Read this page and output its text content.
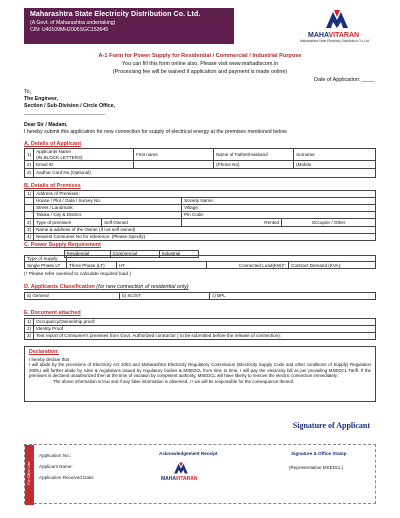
Maharashtra State Electricity Distribution Co. Ltd.
(A Govt. of Maharashtra undertaking)
CIN: U40109MH2005SGC153645
MAHAVITARAN
Maharashtra State Electricity Distribution Co. Ltd.
A-1 Form for Power Supply for Residential / Commercial / Industrial Purpose
You can fill this form online also. Please visit www.mahadiscom.in
(Processing fee will be waived if application and payment is made online)
Date of Application: ____
To,
The Engineer,
Section / Sub-Division / Circle Office,
____________________________
Dear Sir / Madam,
I hereby submit this application for new connection for supply of electrical energy at the premises mentioned below
A. Details of Applicant
1)	Applicants Name
(IN BLOCK LETTERS)	First name	Name of Father/Husband	Surname
2)	Email ID		(Phone No)	(Mobile
3)	Aadhar Card No.(Optional)			
B. Details of Premises
1)	Address of Premises:			
	House / Plot / Gala / Survey No.		Society Name:	
	Street / Landmark:		Village:	
	Taluka / City & District:		Pin Code:	
2)	Type of premises	Self Owned	Rented	Occupier / Other
3)	Name & address of the Owner (if not self owned)			
4)	Nearest Consumer No for reference: (Please Specify)			
C. Power Supply Requirement
	Residential	Commercial	Industrial
Type of Supply				
Single Phase LT	Three Phase (LT)	HT	Connected Load(KW)*:	Contract Demand (KVA):
(* Please refer overleaf to calculate required load.)
D. Applicants Classification (for new connection of residential only)
a) General	b) SC/ST	c) BPL
E. Document attached
1)	Occupancy/Ownership proof:
2)	Identity Proof
3)	Test report of Consumer's premises from Govt. Authorized contractor ( to be submitted before the release of connection):
Declaration:
I hereby declare that

I will abide by the provisions of Electricity Act 2003 and Maharashtra Electricity Regulatory Commission (Electricity Supply Code and other conditions of Supply) Regulation 2005,I will further abide by rules & regulations issued by regulatory bodies & MSEDCL from time to time. I will pay the electricity bill as per prevailing MSEDCL Tariff. If the premises is declared unauthorized then at the time of vacation by competent authority, MSEDCL will have liberty to remove the electric connection immediately.

The above information is true and if any false information is observed, I / we will be responsible for the consequence thereof.

Signature of Applicant
For Office Use
Application No.:
Applicant Name:
Application Received Date:
Acknowledgement Receipt
MAHAVITARAN
Signature & Office Stamp
(Representative MSEDCL)
